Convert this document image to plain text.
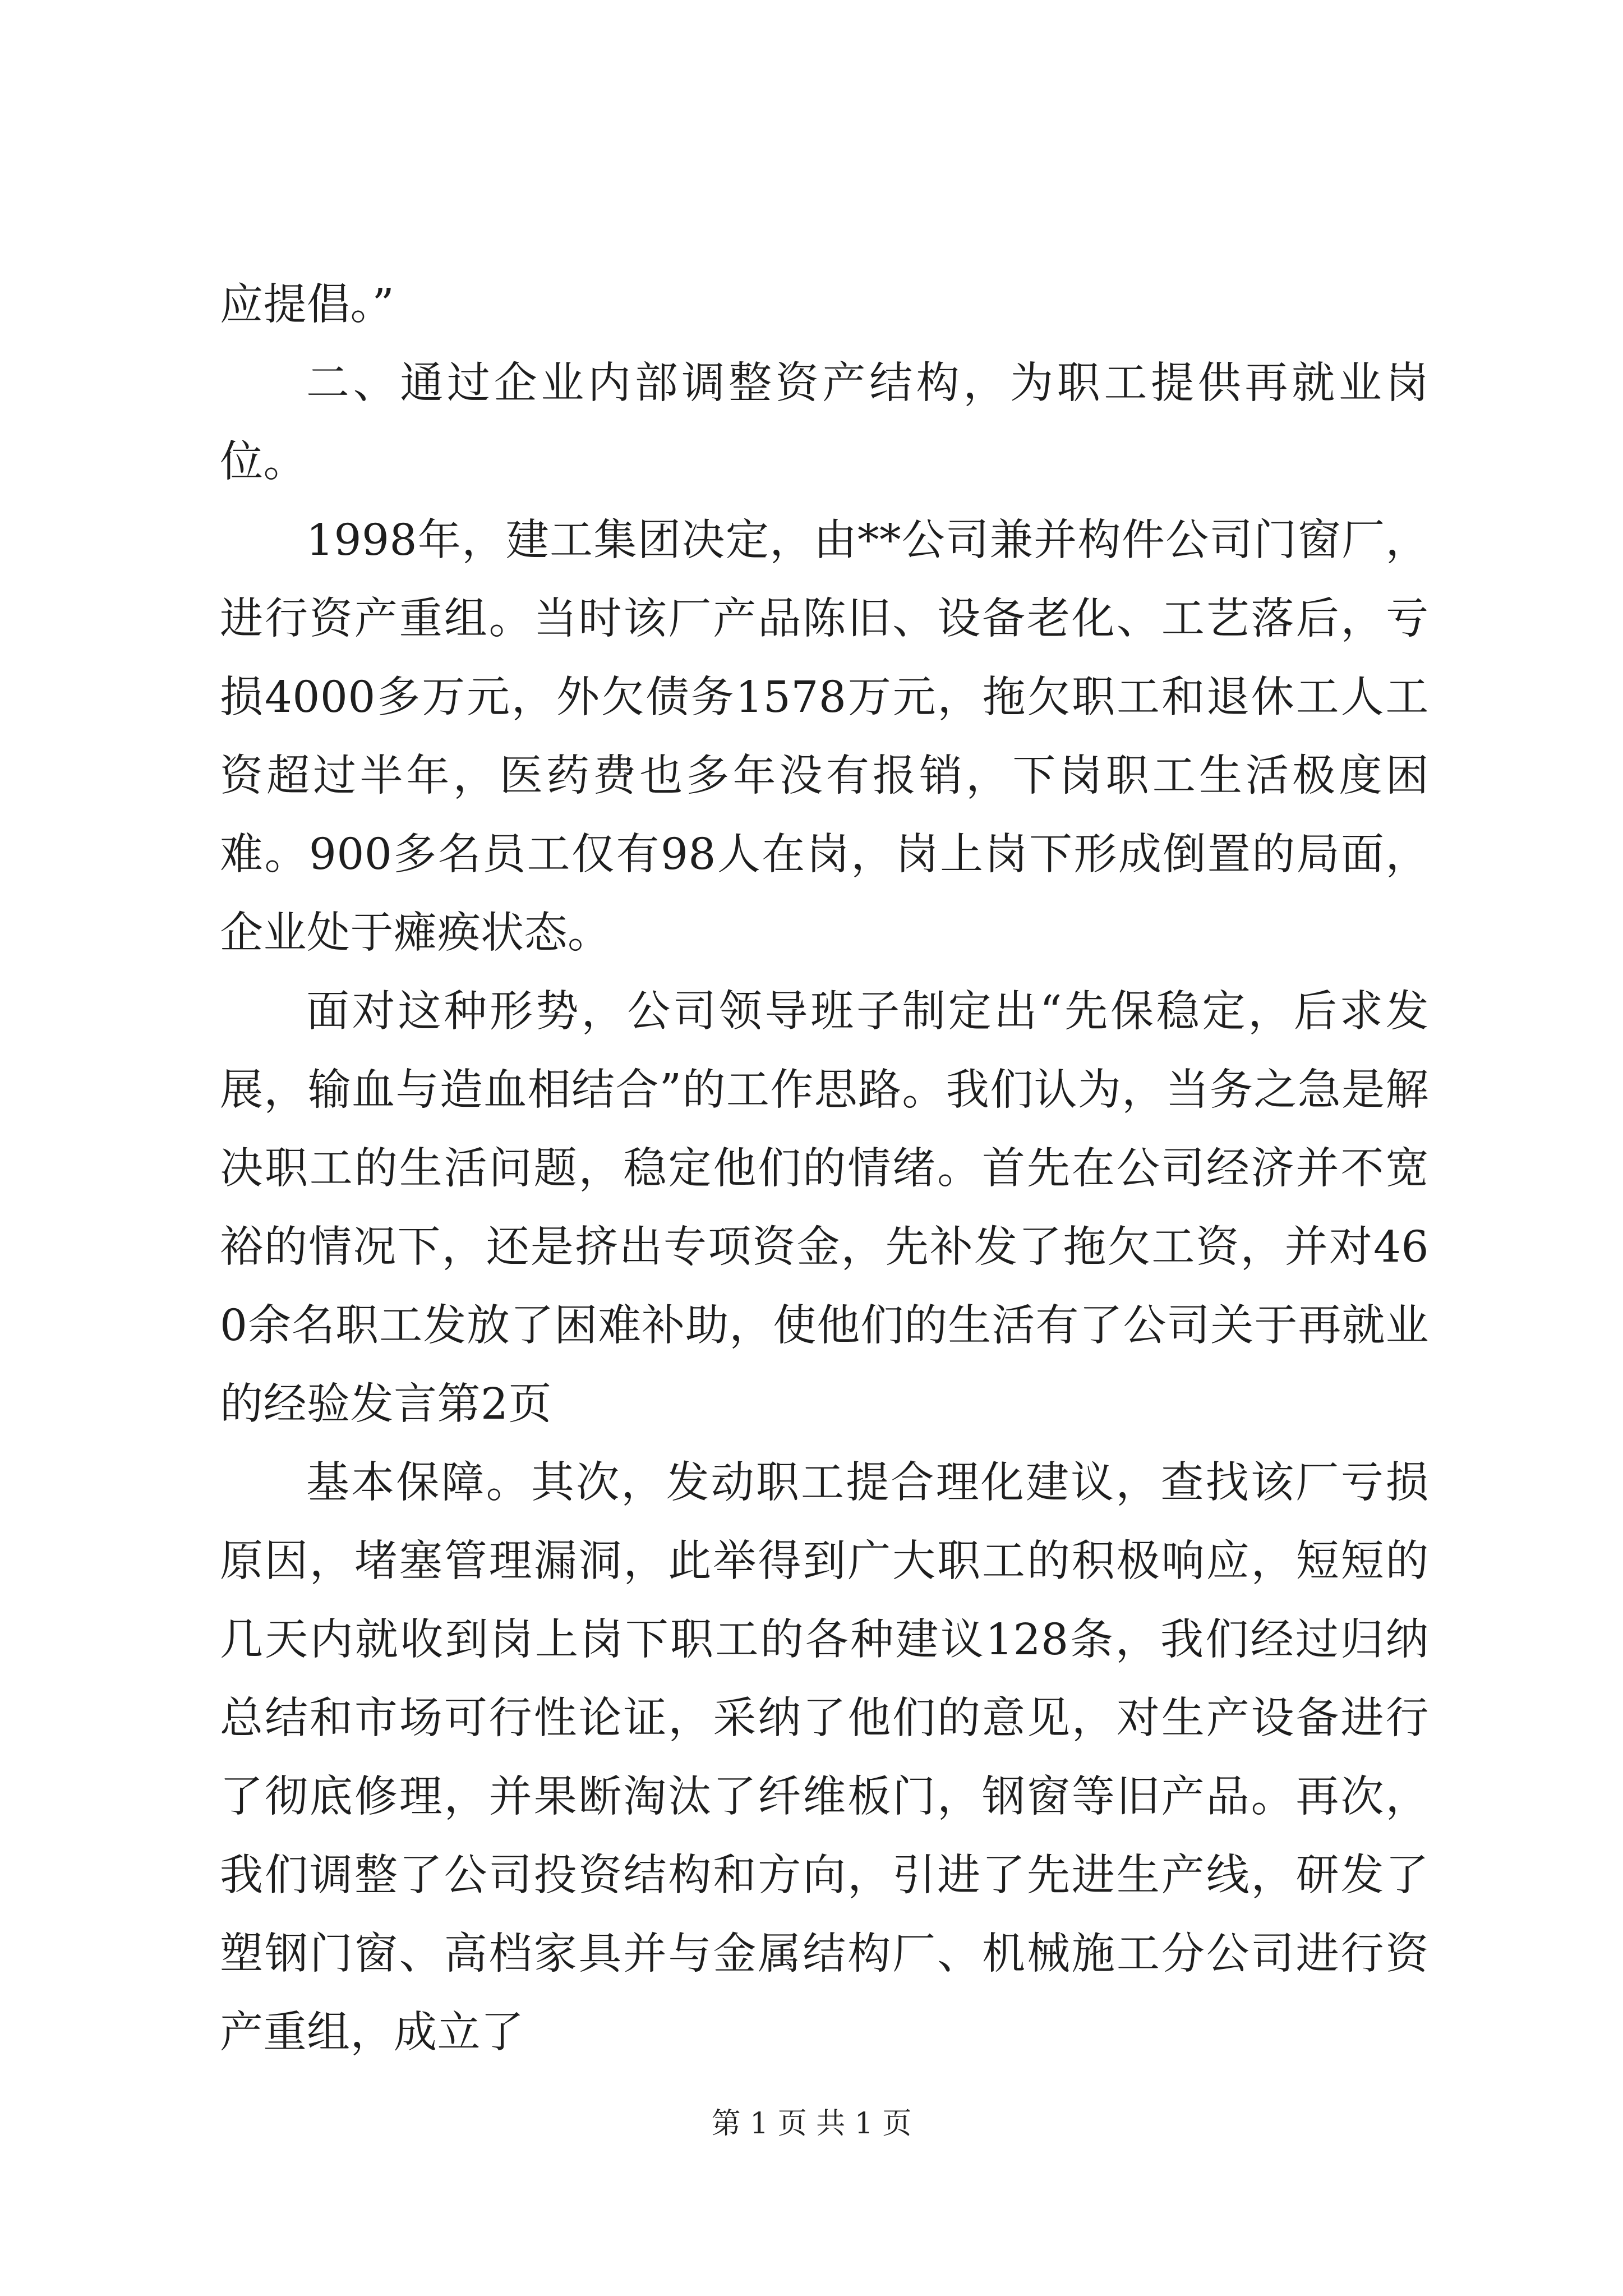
应提倡。”

二、通过企业内部调整资产结构，为职工提供再就业岗位。

1998年，建工集团决定，由**公司兼并构件公司门窗厂，进行资产重组。当时该厂产品陈旧、设备老化、工艺落后，亏损4000多万元，外欠债务1578万元，拖欠职工和退休工人工资超过半年，医药费也多年没有报销，下岗职工生活极度困难。900多名员工仅有98人在岗，岗上岗下形成倒置的局面，企业处于瘫痪状态。

面对这种形势，公司领导班子制定出“先保稳定，后求发展，输血与造血相结合”的工作思路。我们认为，当务之急是解决职工的生活问题，稳定他们的情绪。首先在公司经济并不宽裕的情况下，还是挤出专项资金，先补发了拖欠工资，并对460余名职工发放了困难补助，使他们的生活有了公司关于再就业的经验发言第2页

基本保障。其次，发动职工提合理化建议，查找该厂亏损原因，堵塞管理漏洞，此举得到广大职工的积极响应，短短的几天内就收到岗上岗下职工的各种建议128条，我们经过归纳总结和市场可行性论证，采纳了他们的意见，对生产设备进行了彻底修理，并果断淘汰了纤维板门，钢窗等旧产品。再次，我们调整了公司投资结构和方向，引进了先进生产线，研发了塑钢门窗、高档家具并与金属结构厂、机械施工分公司进行资产重组，成立了

第 1 页 共 1 页
